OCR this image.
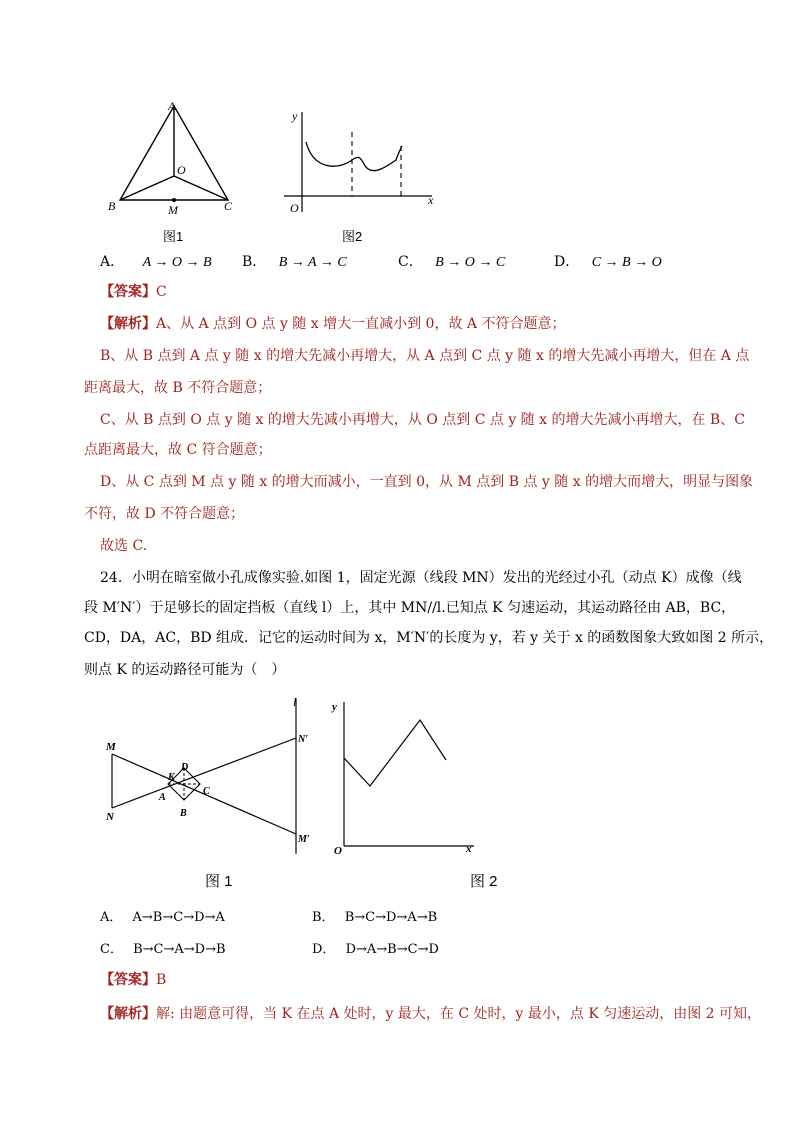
A
O
B	M	C
图1
y
x
O
图2
A． A → O → B B． B → A → C	C． B → O → C	D． C → B → O
【答案】C
【解析】A、从 A 点到 O 点 y 随 x 增大一直减小到 0，故 A 不符合题意；
B、从 B 点到 A 点 y 随 x 的增大先减小再增大，从 A 点到 C 点 y 随 x 的增大先减小再增大，但在 A 点
距离最大，故 B 不符合题意；
C、从 B 点到 O 点 y 随 x 的增大先减小再增大，从 O 点到 C 点 y 随 x 的增大先减小再增大，在 B、C
点距离最大，故 C 符合题意；
D、从 C 点到 M 点 y 随 x 的增大而减小，一直到 0，从 M 点到 B 点 y 随 x 的增大而增大，明显与图象
不符，故 D 不符合题意；
故选 C.
24．小明在暗室做小孔成像实验.如图 1，固定光源（线段 MN）发出的光经过小孔（动点 K）成像（线
段 M′N′）于足够长的固定挡板（直线 l）上，其中 MN//l.已知点 K 匀速运动，其运动路径由 AB，BC，
CD，DA，AC，BD 组成．记它的运动时间为 x，M′N′的长度为 y，若 y 关于 x 的函数图象大致如图 2 所示，
则点 K 的运动路径可能为（　）
l
M
N
K
D
A
C
B
N′
M′
图 1
y
x
O
图 2
A． A→B→C→D→A	B． B→C→D→A→B
C． B→C→A→D→B	D． D→A→B→C→D
【答案】B
【解析】解: 由题意可得，当 K 在点 A 处时，y 最大，在 C 处时，y 最小，点 K 匀速运动，由图 2 可知，
